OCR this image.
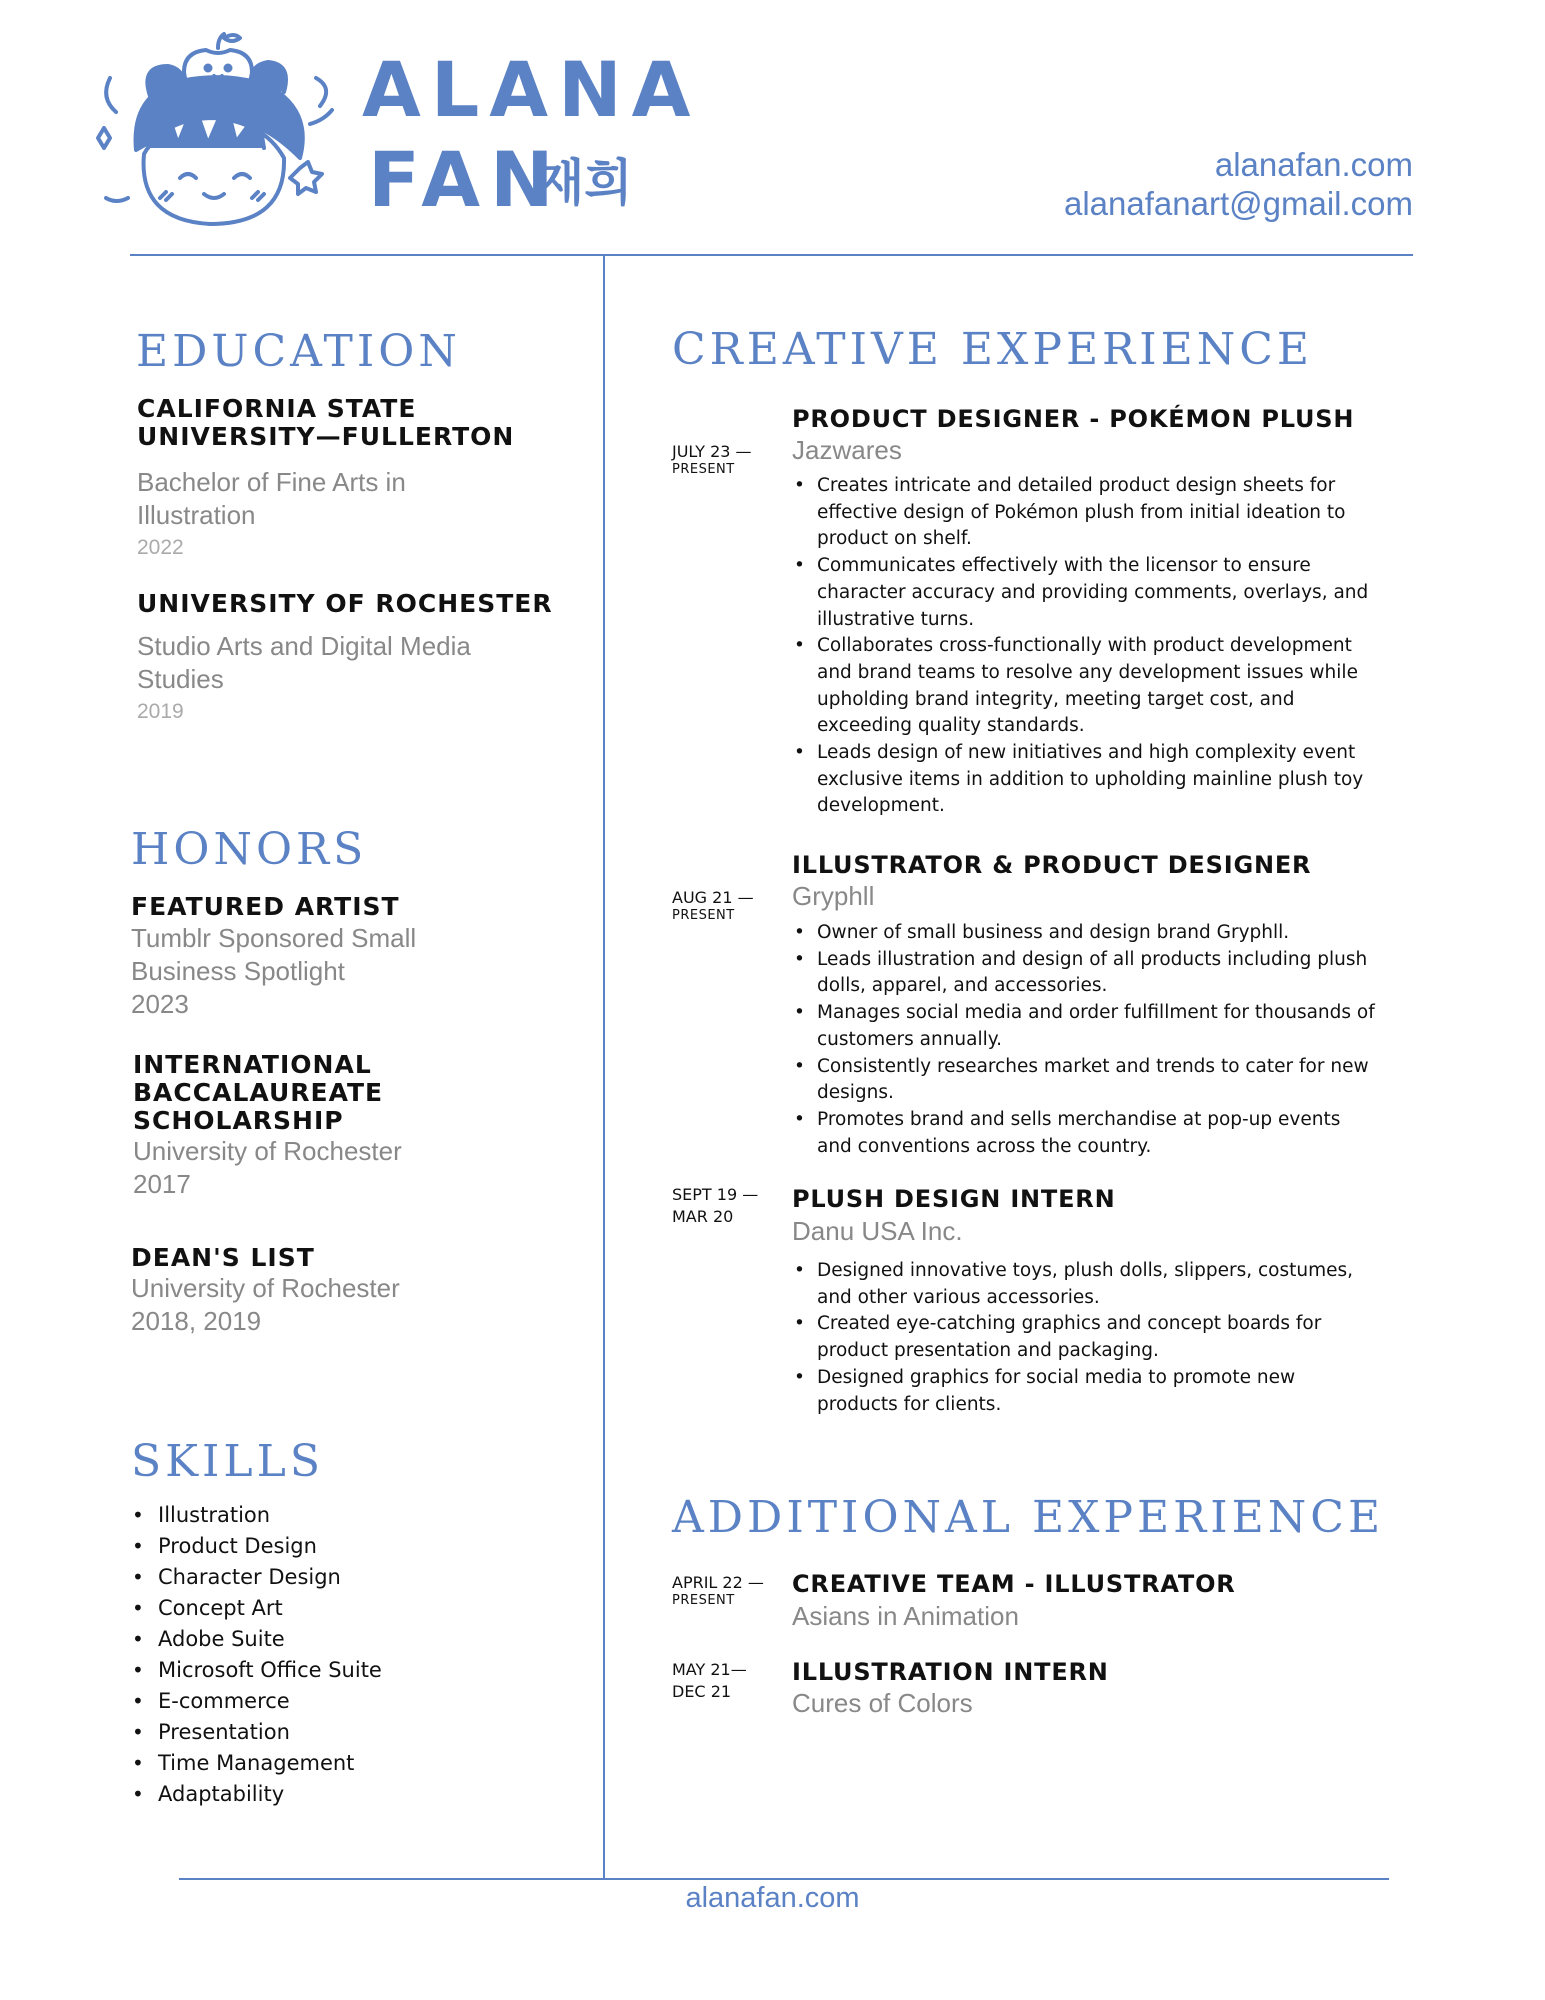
ALANA
FAN
재희	alanafan.com
alanafanart@gmail.com
EDUCATION
CALIFORNIA STATE
UNIVERSITY—FULLERTON
Bachelor of Fine Arts in
Illustration
2022
UNIVERSITY OF ROCHESTER
Studio Arts and Digital Media
Studies
2019
HONORS
FEATURED ARTIST
Tumblr Sponsored Small
Business Spotlight
2023
INTERNATIONAL
BACCALAUREATE
SCHOLARSHIP
University of Rochester
2017
DEAN'S LIST
University of Rochester
2018, 2019
SKILLS
• Illustration
• Product Design
• Character Design
• Concept Art
• Adobe Suite
• Microsoft Office Suite
• E-commerce
• Presentation
• Time Management
• Adaptability
CREATIVE EXPERIENCE
JULY 23 —
PRESENT
PRODUCT DESIGNER - POKÉMON PLUSH
Jazwares
• Creates intricate and detailed product design sheets for effective design of Pokémon plush from initial ideation to product on shelf.
• Communicates effectively with the licensor to ensure character accuracy and providing comments, overlays, and illustrative turns.
• Collaborates cross-functionally with product development and brand teams to resolve any development issues while upholding brand integrity, meeting target cost, and exceeding quality standards.
• Leads design of new initiatives and high complexity event exclusive items in addition to upholding mainline plush toy development.
AUG 21 —
PRESENT
ILLUSTRATOR & PRODUCT DESIGNER
Gryphll
• Owner of small business and design brand Gryphll.
• Leads illustration and design of all products including plush dolls, apparel, and accessories.
• Manages social media and order fulfillment for thousands of customers annually.
• Consistently researches market and trends to cater for new designs.
• Promotes brand and sells merchandise at pop-up events and conventions across the country.
SEPT 19 —
MAR 20
PLUSH DESIGN INTERN
Danu USA Inc.
• Designed innovative toys, plush dolls, slippers, costumes, and other various accessories.
• Created eye-catching graphics and concept boards for product presentation and packaging.
• Designed graphics for social media to promote new products for clients.
ADDITIONAL EXPERIENCE
APRIL 22 —
PRESENT
CREATIVE TEAM - ILLUSTRATOR
Asians in Animation
MAY 21—
DEC 21
ILLUSTRATION INTERN
Cures of Colors
alanafan.com
